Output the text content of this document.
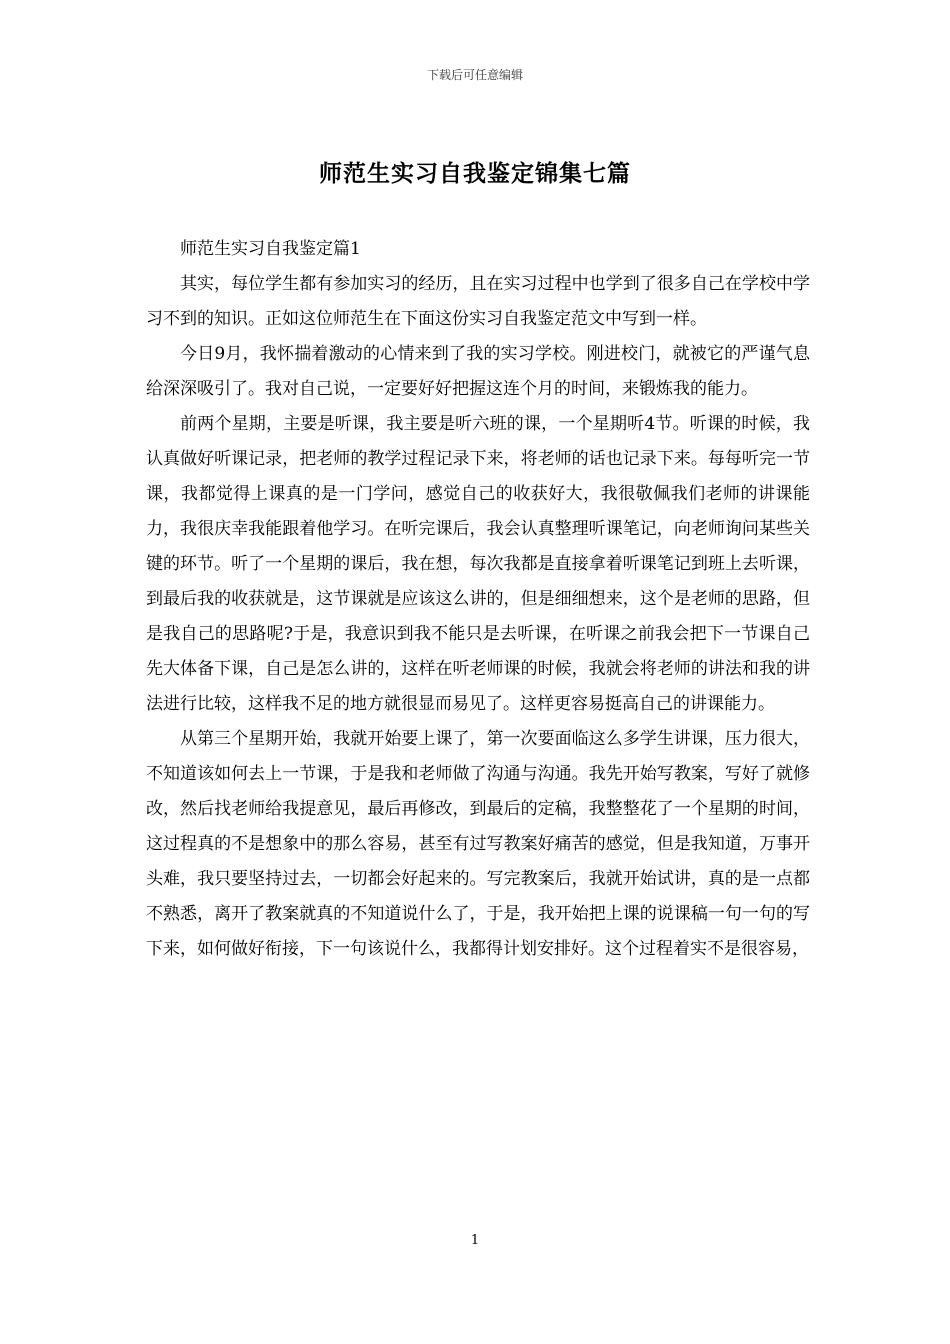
下载后可任意编辑
师范生实习自我鉴定锦集七篇

师范生实习自我鉴定篇1

其实，每位学生都有参加实习的经历，且在实习过程中也学到了很多自己在学校中学习不到的知识。正如这位师范生在下面这份实习自我鉴定范文中写到一样。

今日9月，我怀揣着激动的心情来到了我的实习学校。刚进校门，就被它的严谨气息给深深吸引了。我对自己说，一定要好好把握这连个月的时间，来锻炼我的能力。

前两个星期，主要是听课，我主要是听六班的课，一个星期听4节。听课的时候，我认真做好听课记录，把老师的教学过程记录下来，将老师的话也记录下来。每每听完一节课，我都觉得上课真的是一门学问，感觉自己的收获好大，我很敬佩我们老师的讲课能力，我很庆幸我能跟着他学习。在听完课后，我会认真整理听课笔记，向老师询问某些关键的环节。听了一个星期的课后，我在想，每次我都是直接拿着听课笔记到班上去听课，到最后我的收获就是，这节课就是应该这么讲的，但是细细想来，这个是老师的思路，但是我自己的思路呢?于是，我意识到我不能只是去听课，在听课之前我会把下一节课自己先大体备下课，自己是怎么讲的，这样在听老师课的时候，我就会将老师的讲法和我的讲法进行比较，这样我不足的地方就很显而易见了。这样更容易挺高自己的讲课能力。

从第三个星期开始，我就开始要上课了，第一次要面临这么多学生讲课，压力很大，不知道该如何去上一节课，于是我和老师做了沟通与沟通。我先开始写教案，写好了就修改，然后找老师给我提意见，最后再修改，到最后的定稿，我整整花了一个星期的时间，这过程真的不是想象中的那么容易，甚至有过写教案好痛苦的感觉，但是我知道，万事开头难，我只要坚持过去，一切都会好起来的。写完教案后，我就开始试讲，真的是一点都不熟悉，离开了教案就真的不知道说什么了，于是，我开始把上课的说课稿一句一句的写下来，如何做好衔接，下一句该说什么，我都得计划安排好。这个过程着实不是很容易，

1
